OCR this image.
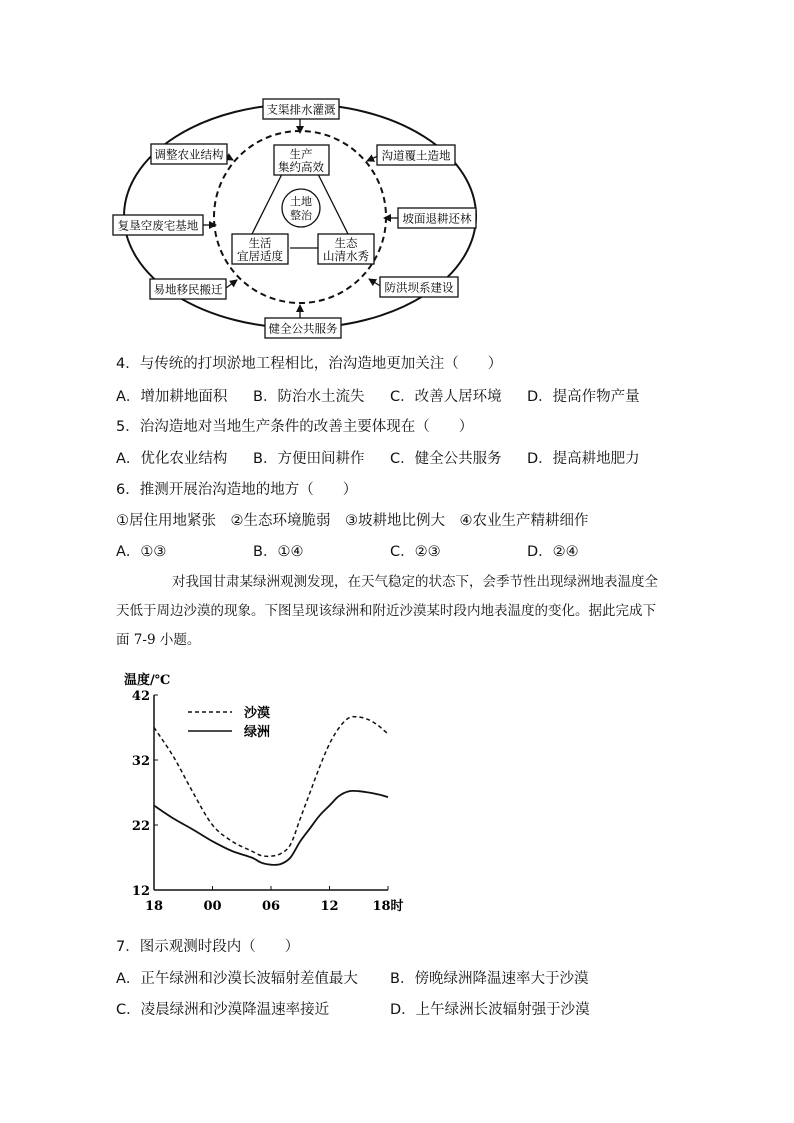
生产
集约高效
生活
宜居适度
生态
山清水秀
土地
整治
支渠排水灌溉
调整农业结构	沟道覆土造地
复垦空废宅基地	坡面退耕还林
易地移民搬迁	防洪坝系建设
健全公共服务
4．与传统的打坝淤地工程相比，治沟造地更加关注（　　）
A．增加耕地面积 B．防治水土流失 C．改善人居环境 D．提高作物产量
5．治沟造地对当地生产条件的改善主要体现在（　　）
A．优化农业结构 B．方便田间耕作 C．健全公共服务 D．提高耕地肥力
6．推测开展治沟造地的地方（　　）
①居住用地紧张　②生态环境脆弱　③坡耕地比例大　④农业生产精耕细作
A．①③	B．①④	C．②③	D．②④
对我国甘肃某绿洲观测发现，在天气稳定的状态下，会季节性出现绿洲地表温度全
天低于周边沙漠的现象。下图呈现该绿洲和附近沙漠某时段内地表温度的变化。据此完成下
面 7-9 小题。
温度/℃
42
32
22
12
18	00	06	12	18时
沙漠
绿洲
7．图示观测时段内（　　）
A．正午绿洲和沙漠长波辐射差值最大 B．傍晚绿洲降温速率大于沙漠
C．凌晨绿洲和沙漠降温速率接近	D．上午绿洲长波辐射强于沙漠
